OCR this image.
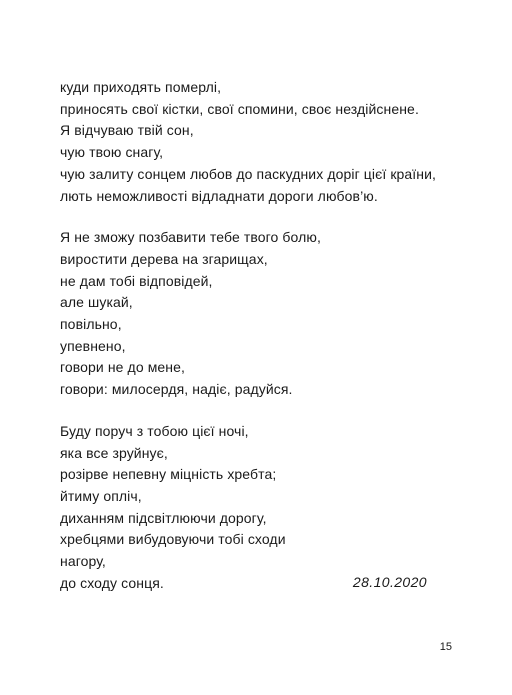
куди приходять померлі,
приносять свої кістки, свої спомини, своє нездійснене.
Я відчуваю твій сон,
чую твою снагу,
чую залиту сонцем любов до паскудних доріг цієї країни,
лють неможливості відладнати дороги любов’ю.
Я не зможу позбавити тебе твого болю,
виростити дерева на згарищах,
не дам тобі відповідей,
але шукай,
повільно,
упевнено,
говори не до мене,
говори: милосердя, надіє, радуйся.
Буду поруч з тобою цієї ночі,
яка все зруйнує,
розірве непевну міцність хребта;
йтиму опліч,
диханням підсвітлюючи дорогу,
хребцями вибудовуючи тобі сходи
нагору,
до сходу сонця.	28.10.2020
15
